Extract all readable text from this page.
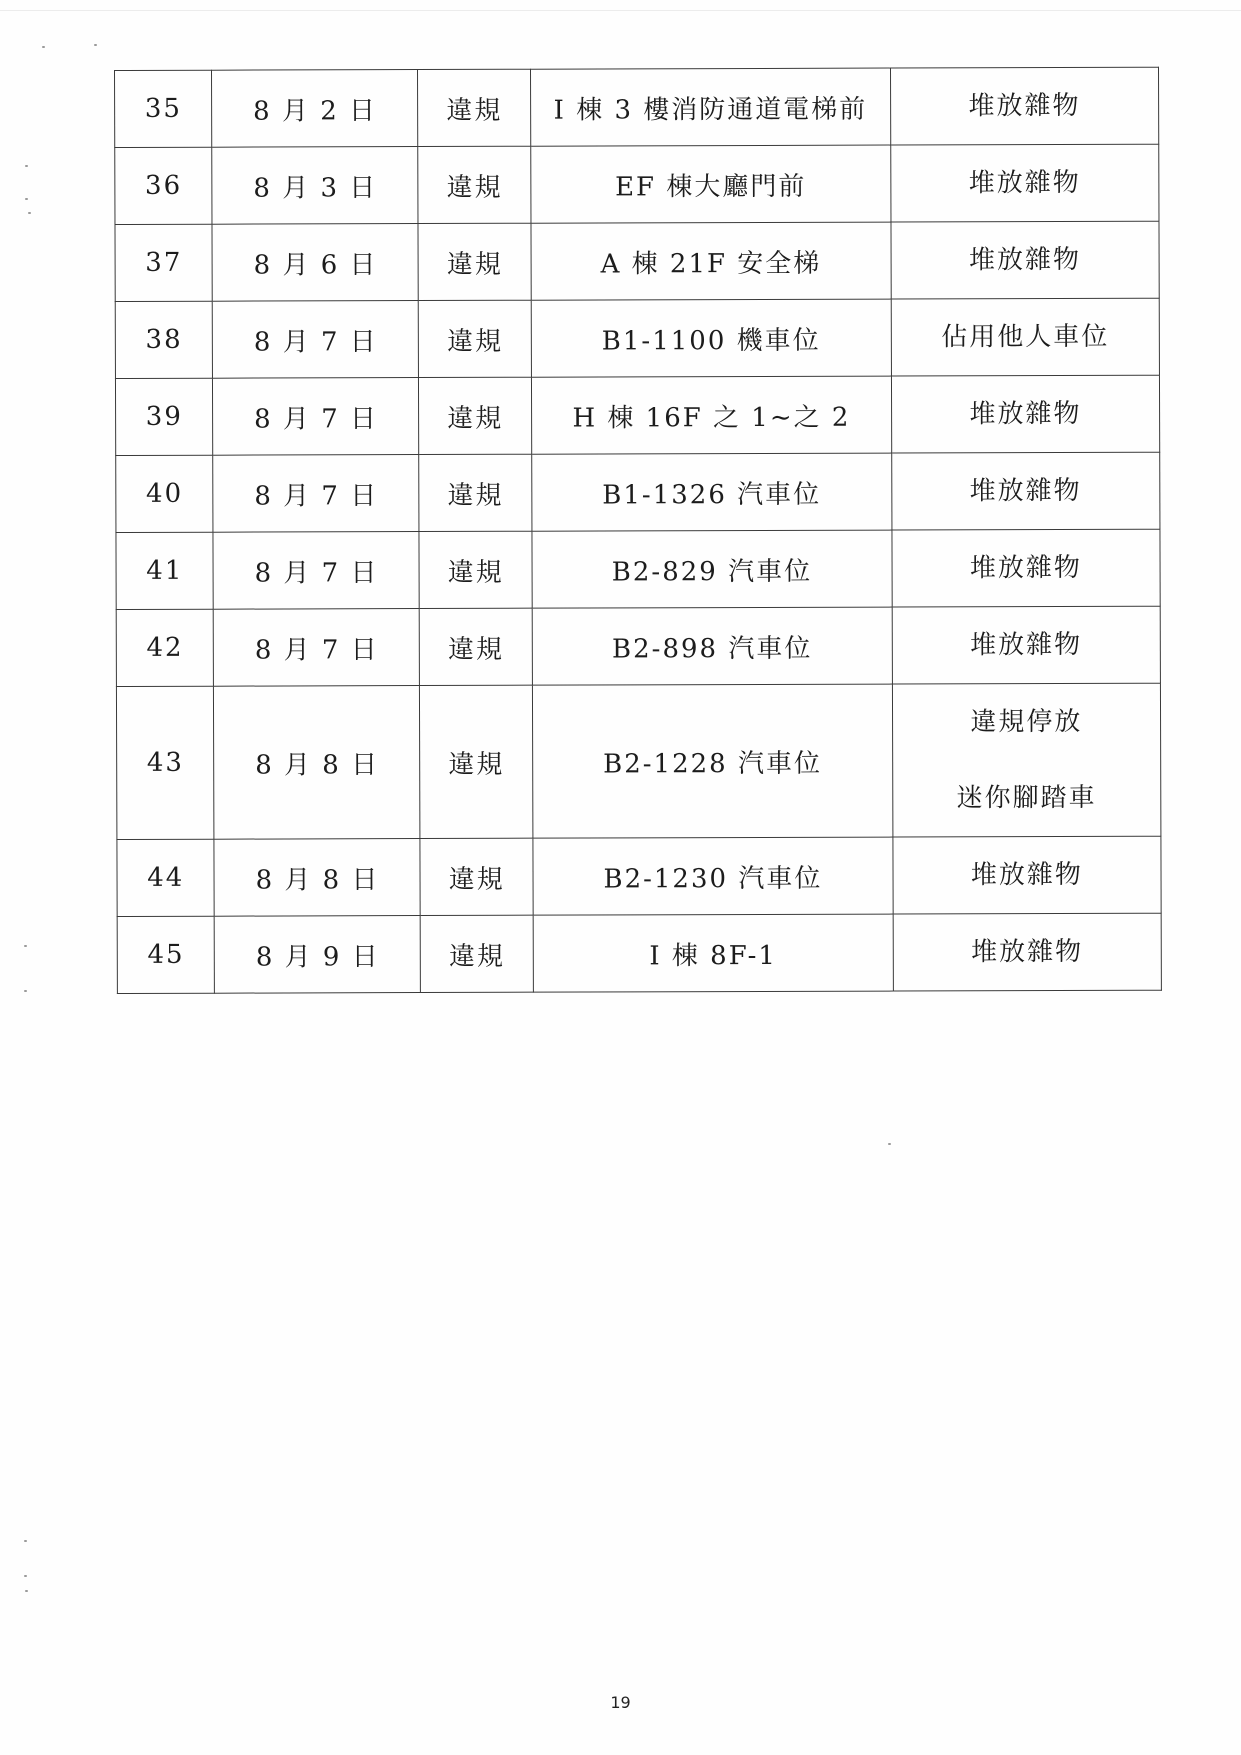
35	8 月 2 日	違規	I 棟 3 樓消防通道電梯前	堆放雜物

36	8 月 3 日	違規	EF 棟大廳門前	堆放雜物

37	8 月 6 日	違規	A 棟 21F 安全梯	堆放雜物

38	8 月 7 日	違規	B1-1100 機車位	佔用他人車位

39	8 月 7 日	違規	H 棟 16F 之 1~之 2	堆放雜物

40	8 月 7 日	違規	B1-1326 汽車位	堆放雜物

41	8 月 7 日	違規	B2-829 汽車位	堆放雜物

42	8 月 7 日	違規	B2-898 汽車位	堆放雜物

43	8 月 8 日	違規	B2-1228 汽車位	違規停放
迷你腳踏車

44	8 月 8 日	違規	B2-1230 汽車位	堆放雜物

45	8 月 9 日	違規	I 棟 8F-1	堆放雜物
19
